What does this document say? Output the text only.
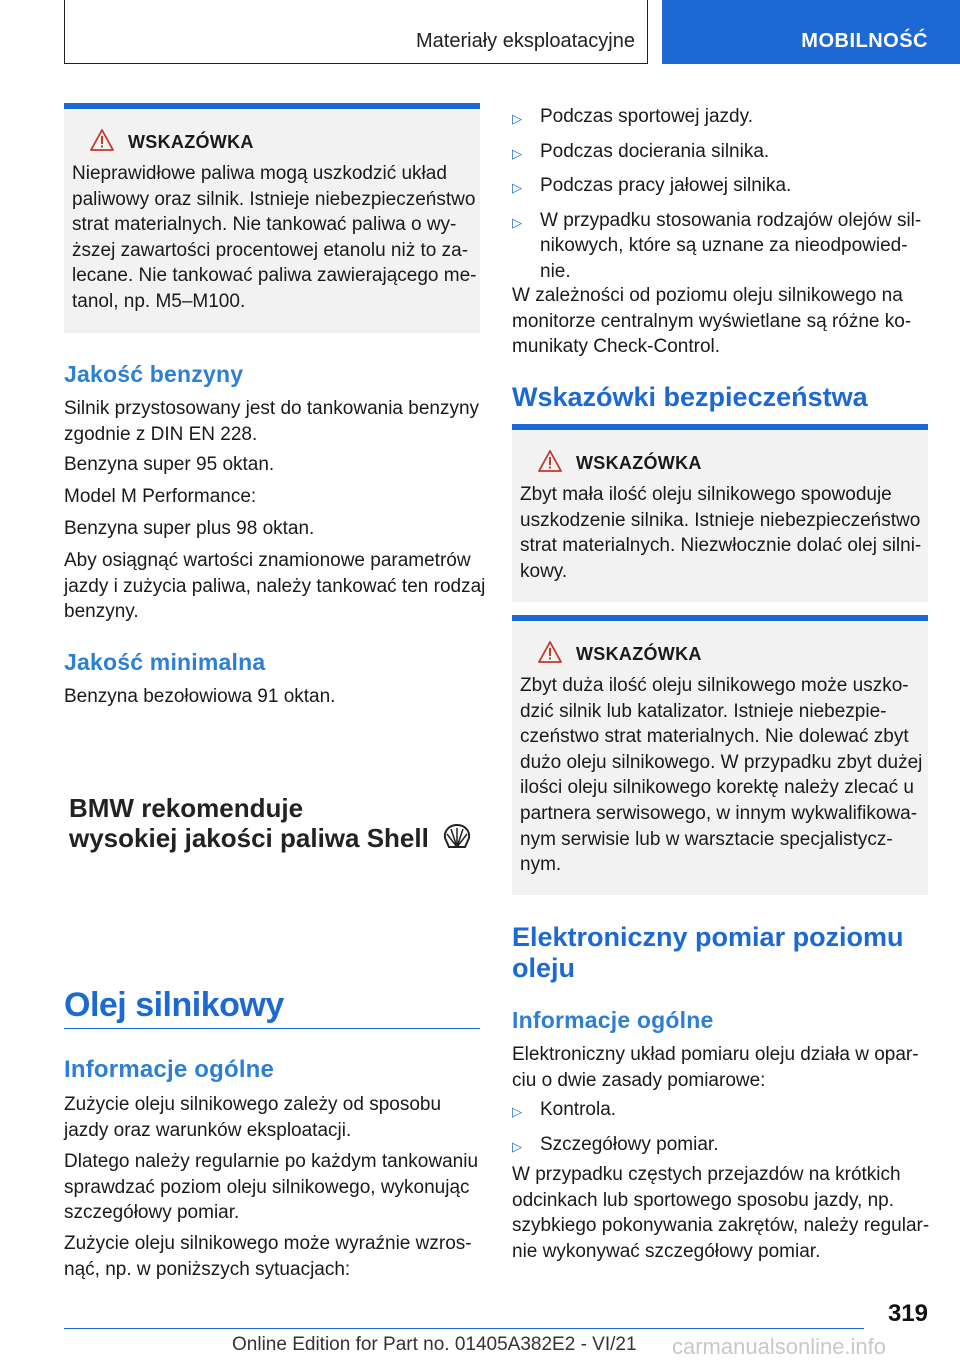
Materiały eksploatacyjne	MOBILNOŚĆ
WSKAZÓWKA
Nieprawidłowe paliwa mogą uszkodzić układ
paliwowy oraz silnik. Istnieje niebezpieczeństwo
strat materialnych. Nie tankować paliwa o wy‐
ższej zawartości procentowej etanolu niż to za‐
lecane. Nie tankować paliwa zawierającego me‐
tanol, np. M5–M100.
Jakość benzyny
Silnik przystosowany jest do tankowania benzyny
zgodnie z DIN EN 228.
Benzyna super 95 oktan.
Model M Performance:
Benzyna super plus 98 oktan.
Aby osiągnąć wartości znamionowe parametrów
jazdy i zużycia paliwa, należy tankować ten rodzaj
benzyny.
Jakość minimalna
Benzyna bezołowiowa 91 oktan.
BMW rekomenduje
wysokiej jakości paliwa Shell
Olej silnikowy
Informacje ogólne
Zużycie oleju silnikowego zależy od sposobu
jazdy oraz warunków eksploatacji.
Dlatego należy regularnie po każdym tankowaniu
sprawdzać poziom oleju silnikowego, wykonując
szczegółowy pomiar.
Zużycie oleju silnikowego może wyraźnie wzros‐
nąć, np. w poniższych sytuacjach:
▷ Podczas sportowej jazdy.
▷ Podczas docierania silnika.
▷ Podczas pracy jałowej silnika.
▷ W przypadku stosowania rodzajów olejów sil‐
nikowych, które są uznane za nieodpowied‐
nie.
W zależności od poziomu oleju silnikowego na
monitorze centralnym wyświetlane są różne ko‐
munikaty Check-Control.
Wskazówki bezpieczeństwa
WSKAZÓWKA
Zbyt mała ilość oleju silnikowego spowoduje
uszkodzenie silnika. Istnieje niebezpieczeństwo
strat materialnych. Niezwłocznie dolać olej silni‐
kowy.
WSKAZÓWKA
Zbyt duża ilość oleju silnikowego może uszko‐
dzić silnik lub katalizator. Istnieje niebezpie‐
czeństwo strat materialnych. Nie dolewać zbyt
dużo oleju silnikowego. W przypadku zbyt dużej
ilości oleju silnikowego korektę należy zlecać u
partnera serwisowego, w innym wykwalifikowa‐
nym serwisie lub w warsztacie specjalistycz‐
nym.
Elektroniczny pomiar poziomu
oleju
Informacje ogólne
Elektroniczny układ pomiaru oleju działa w opar‐
ciu o dwie zasady pomiarowe:
▷ Kontrola.
▷ Szczegółowy pomiar.
W przypadku częstych przejazdów na krótkich
odcinkach lub sportowego sposobu jazdy, np.
szybkiego pokonywania zakrętów, należy regular‐
nie wykonywać szczegółowy pomiar.
319
Online Edition for Part no. 01405A382E2 - VI/21 carmanualsonline.info
